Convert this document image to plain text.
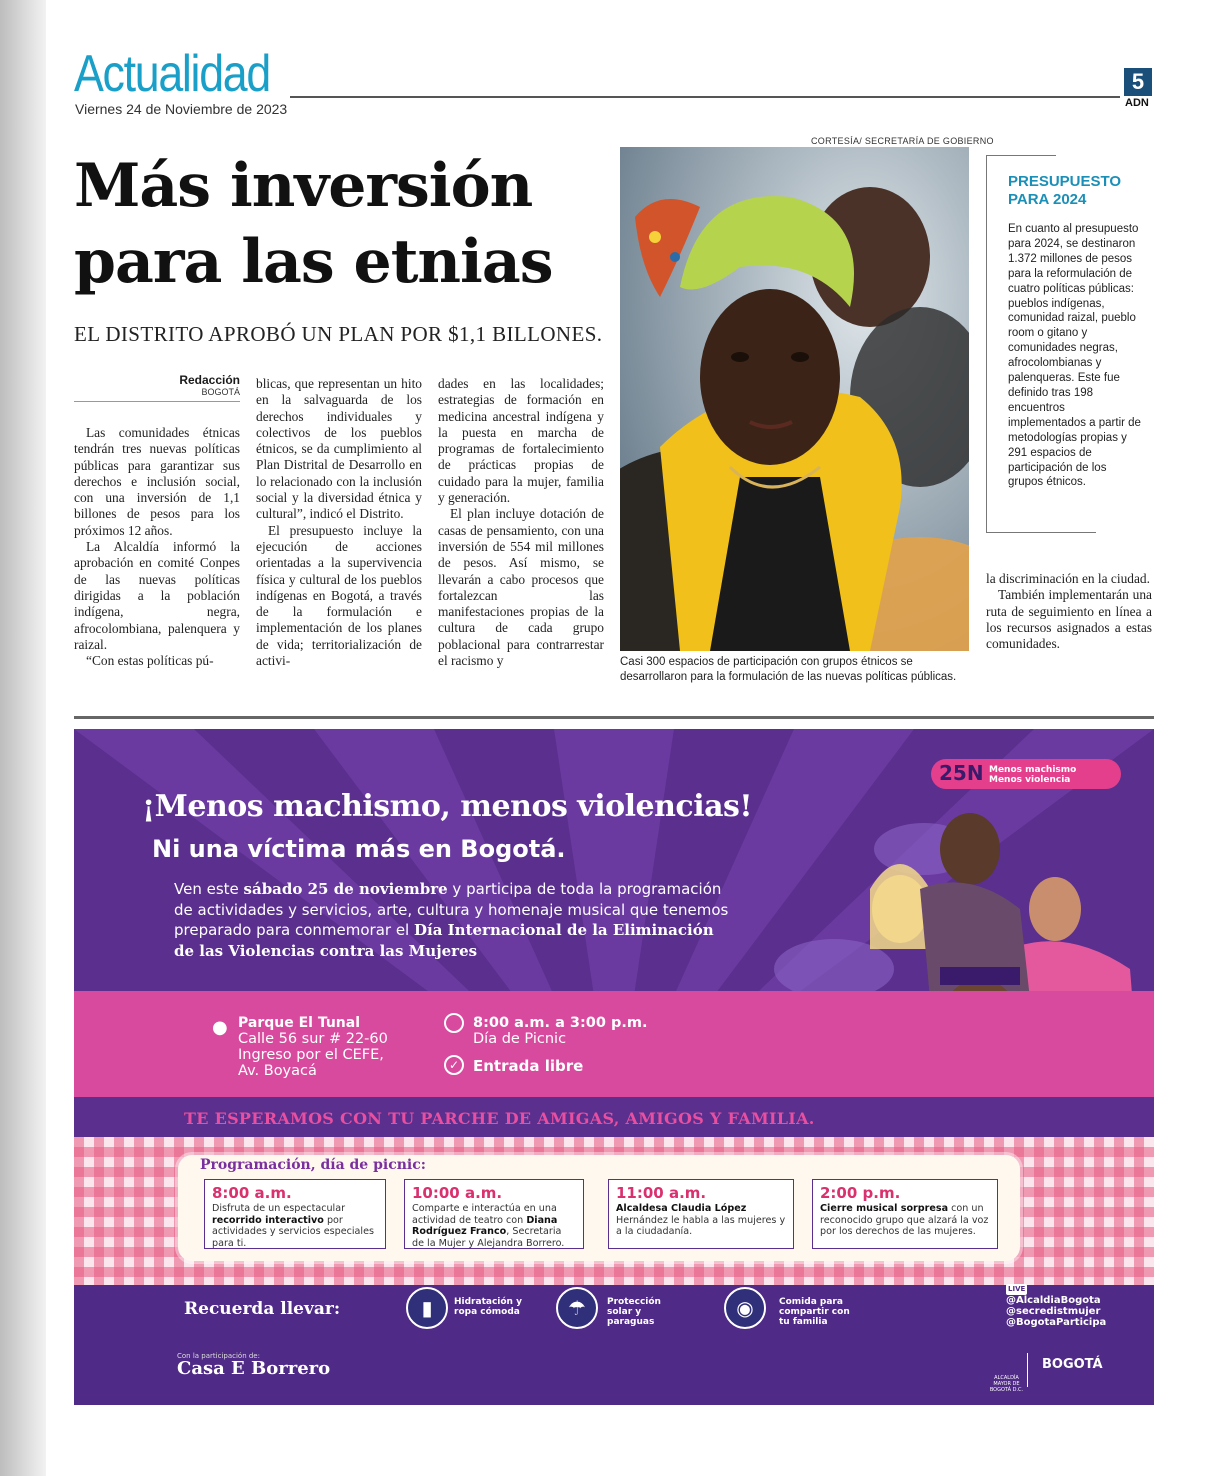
Actualidad
Viernes 24 de Noviembre de 2023
5
ADN
CORTESÍA/ SECRETARÍA DE GOBIERNO
Más inversión
para las etnias
EL DISTRITO APROBÓ UN PLAN POR $1,1 BILLONES.
Redacción
BOGOTÁ

Las comunidades étnicas tendrán tres nuevas políticas públicas para garantizar sus derechos e inclusión social, con una inversión de 1,1 billones de pesos para los próximos 12 años.

La Alcaldía informó la aprobación en comité Conpes de las nuevas políticas dirigidas a la población indígena, negra, afrocolombiana, palenquera y raizal.

“Con estas políticas pú-

blicas, que representan un hito en la salvaguarda de los derechos individuales y colectivos de los pueblos étnicos, se da cumplimiento al Plan Distrital de Desarrollo en lo relacionado con la inclusión social y la diversidad étnica y cultural”, indicó el Distrito.

El presupuesto incluye la ejecución de acciones orientadas a la supervivencia física y cultural de los pueblos indígenas en Bogotá, a través de la formulación e implementación de los planes de vida; territorialización de activi-

dades en las localidades; estrategias de formación en medicina ancestral indígena y la puesta en marcha de programas de fortalecimiento de prácticas propias de cuidado para la mujer, familia y generación.

El plan incluye dotación de casas de pensamiento, con una inversión de 554 mil millones de pesos. Así mismo, se llevarán a cabo procesos que fortalezcan las manifestaciones propias de la cultura de cada grupo poblacional para contrarrestar el racismo y

la discriminación en la ciudad.

También implementarán una ruta de seguimiento en línea a los recursos asignados a estas comunidades.

Casi 300 espacios de participación con grupos étnicos se desarrollaron para la formulación de las nuevas políticas públicas.
PRESUPUESTO PARA 2024
En cuanto al presupuesto para 2024, se destinaron 1.372 millones de pesos para la reformulación de cuatro políticas públicas: pueblos indígenas, comunidad raizal, pueblo room o gitano y comunidades negras, afrocolombianas y palenqueras. Este fue definido tras 198 encuentros implementados a partir de metodologías propias y 291 espacios de participación de los grupos étnicos.
25N Menos machismo
Menos violencia
¡Menos machismo, menos violencias!
Ni una víctima más en Bogotá.
Ven este sábado 25 de noviembre y participa de toda la programación de actividades y servicios, arte, cultura y homenaje musical que tenemos preparado para conmemorar el Día Internacional de la Eliminación de las Violencias contra las Mujeres
● Parque El Tunal
Calle 56 sur # 22-60
Ingreso por el CEFE,
Av. Boyacá
8:00 a.m. a 3:00 p.m.
Día de Picnic
✓ Entrada libre
TE ESPERAMOS CON TU PARCHE DE AMIGAS, AMIGOS Y FAMILIA.
Programación, día de picnic:
8:00 a.m.
Disfruta de un espectacular recorrido interactivo por actividades y servicios especiales para ti.
10:00 a.m.
Comparte e interactúa en una actividad de teatro con Diana Rodríguez Franco, Secretaria de la Mujer y Alejandra Borrero.
11:00 a.m.
Alcaldesa Claudia López Hernández le habla a las mujeres y a la ciudadanía.
2:00 p.m.
Cierre musical sorpresa con un reconocido grupo que alzará la voz por los derechos de las mujeres.
Recuerda llevar:	▮	Hidratación y ropa cómoda	☂	Protección solar y paraguas
◉	Comida para compartir con tu familia
LIVE
@AlcaldiaBogota
@secredistmujer
@BogotaParticipa
Con la participación de:
Casa E Borrero	ALCALDÍA MAYOR DE BOGOTÁ D.C.
BOGOTÁ
